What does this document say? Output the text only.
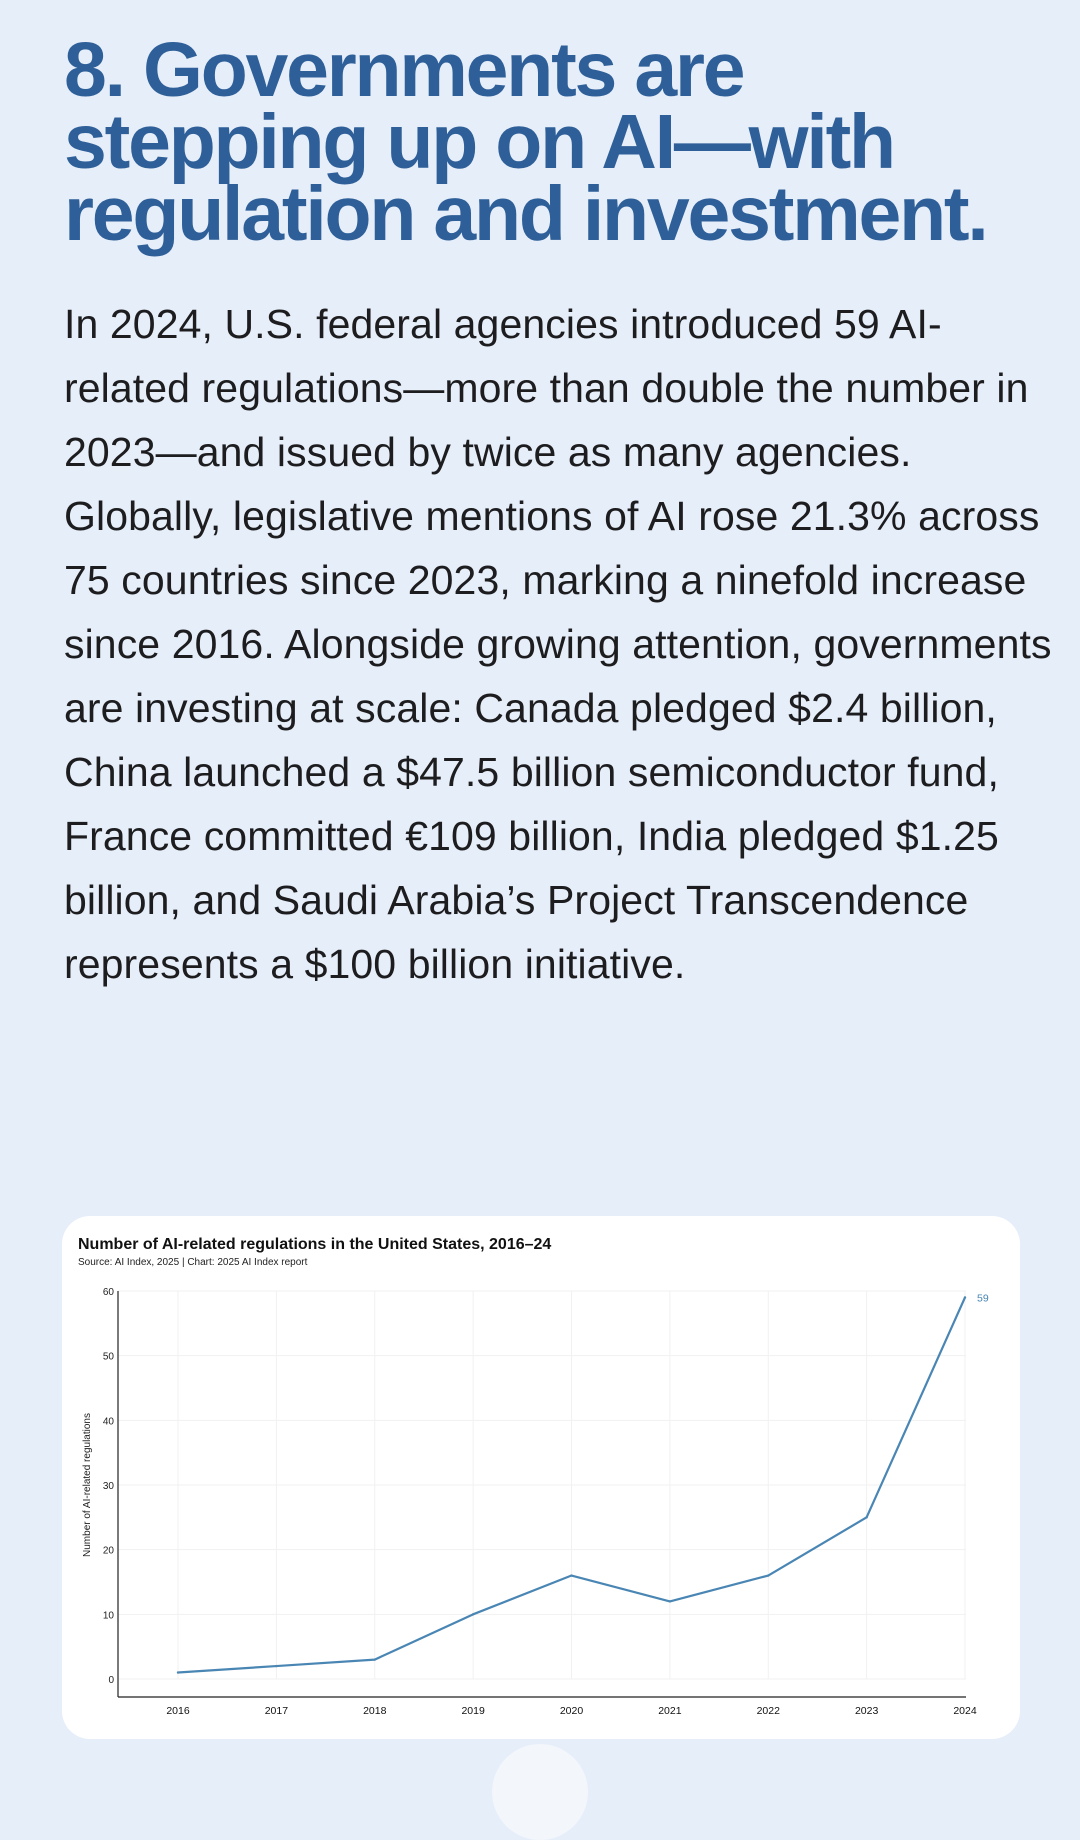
8. Governments are stepping up on AI—with regulation and investment.

In 2024, U.S. federal agencies introduced 59 AI-related regulations—more than double the number in 2023—and issued by twice as many agencies. Globally, legislative mentions of AI rose 21.3% across 75 countries since 2023, marking a ninefold increase since 2016. Alongside growing attention, governments are investing at scale: Canada pledged $2.4 billion, China launched a $47.5 billion semiconductor fund, France committed €109 billion, India pledged $1.25 billion, and Saudi Arabia’s Project Transcendence represents a $100 billion initiative.

Number of AI-related regulations in the United States, 2016–24

Source: AI Index, 2025 | Chart: 2025 AI Index report

0
10
20
30
40
50
60
2016	2017	2018	2019	2020	2021	2022	2023	2024
Number of AI-related regulations
59
